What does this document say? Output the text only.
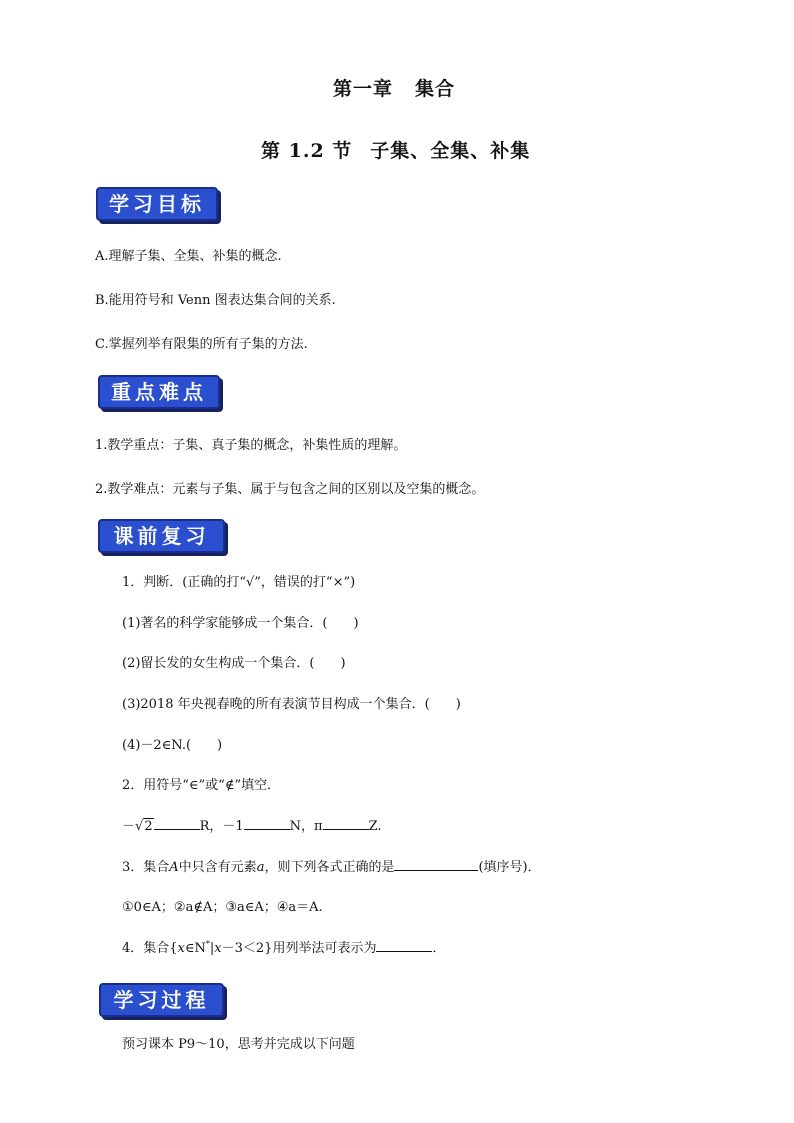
第一章 集合
第 1.2 节 子集、全集、补集
学习目标
A.理解子集、全集、补集的概念.
B.能用符号和 Venn 图表达集合间的关系.
C.掌握列举有限集的所有子集的方法.
重点难点
1.教学重点：子集、真子集的概念，补集性质的理解。
2.教学难点：元素与子集、属于与包含之间的区别以及空集的概念。
课前复习
1．判断．(正确的打“√”，错误的打“×”)
(1)著名的科学家能够成一个集合．(　　)
(2)留长发的女生构成一个集合．(　　)
(3)2018 年央视春晚的所有表演节目构成一个集合．(　　)
(4)－2∈N.(　　)
2．用符号“∈”或“∉”填空．
－√2	R，－1	N，π	Z.
3．集合A中只含有元素a，则下列各式正确的是	(填序号)．
①0∈A；②a∉A；③a∈A；④a＝A.
4．集合{x∈N*|x－3＜2}用列举法可表示为	．
学习过程
预习课本 P9～10，思考并完成以下问题
